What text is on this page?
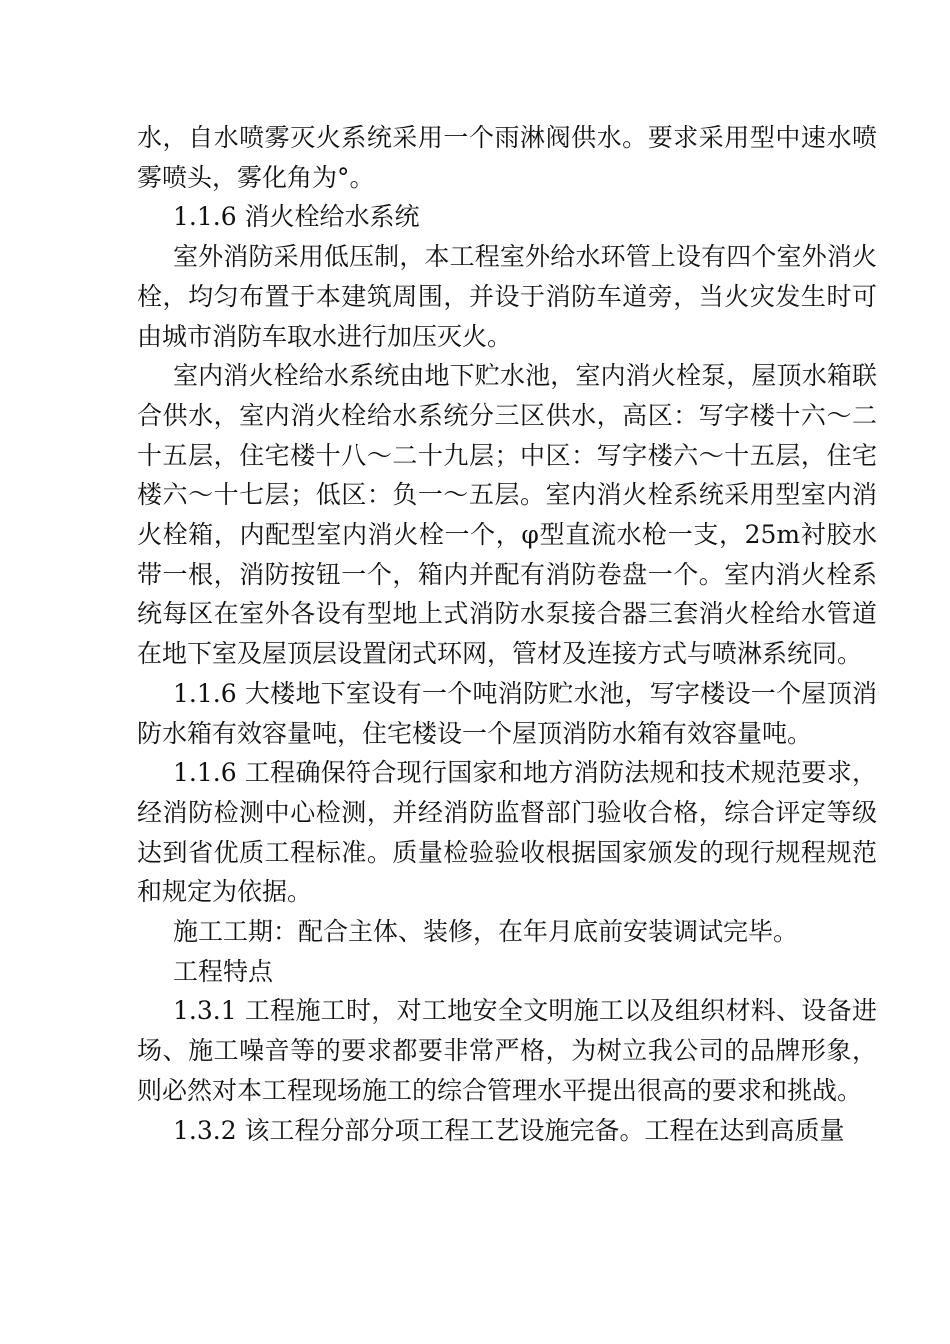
水，自水喷雾灭火系统采用一个雨淋阀供水。要求采用型中速水喷雾喷头，雾化角为°。

1.1.6 消火栓给水系统

室外消防采用低压制，本工程室外给水环管上设有四个室外消火栓，均匀布置于本建筑周围，并设于消防车道旁，当火灾发生时可由城市消防车取水进行加压灭火。

室内消火栓给水系统由地下贮水池，室内消火栓泵，屋顶水箱联合供水，室内消火栓给水系统分三区供水，高区：写字楼十六～二十五层，住宅楼十八～二十九层；中区：写字楼六～十五层，住宅楼六～十七层；低区：负一～五层。室内消火栓系统采用型室内消火栓箱，内配型室内消火栓一个，φ型直流水枪一支，25m衬胶水带一根，消防按钮一个，箱内并配有消防卷盘一个。室内消火栓系统每区在室外各设有型地上式消防水泵接合器三套消火栓给水管道在地下室及屋顶层设置闭式环网，管材及连接方式与喷淋系统同。

1.1.6 大楼地下室设有一个吨消防贮水池，写字楼设一个屋顶消防水箱有效容量吨，住宅楼设一个屋顶消防水箱有效容量吨。

1.1.6 工程确保符合现行国家和地方消防法规和技术规范要求，经消防检测中心检测，并经消防监督部门验收合格，综合评定等级达到省优质工程标准。质量检验验收根据国家颁发的现行规程规范和规定为依据。

施工工期：配合主体、装修，在年月底前安装调试完毕。

工程特点

1.3.1 工程施工时，对工地安全文明施工以及组织材料、设备进场、施工噪音等的要求都要非常严格，为树立我公司的品牌形象，则必然对本工程现场施工的综合管理水平提出很高的要求和挑战。

1.3.2 该工程分部分项工程工艺设施完备。工程在达到高质量
